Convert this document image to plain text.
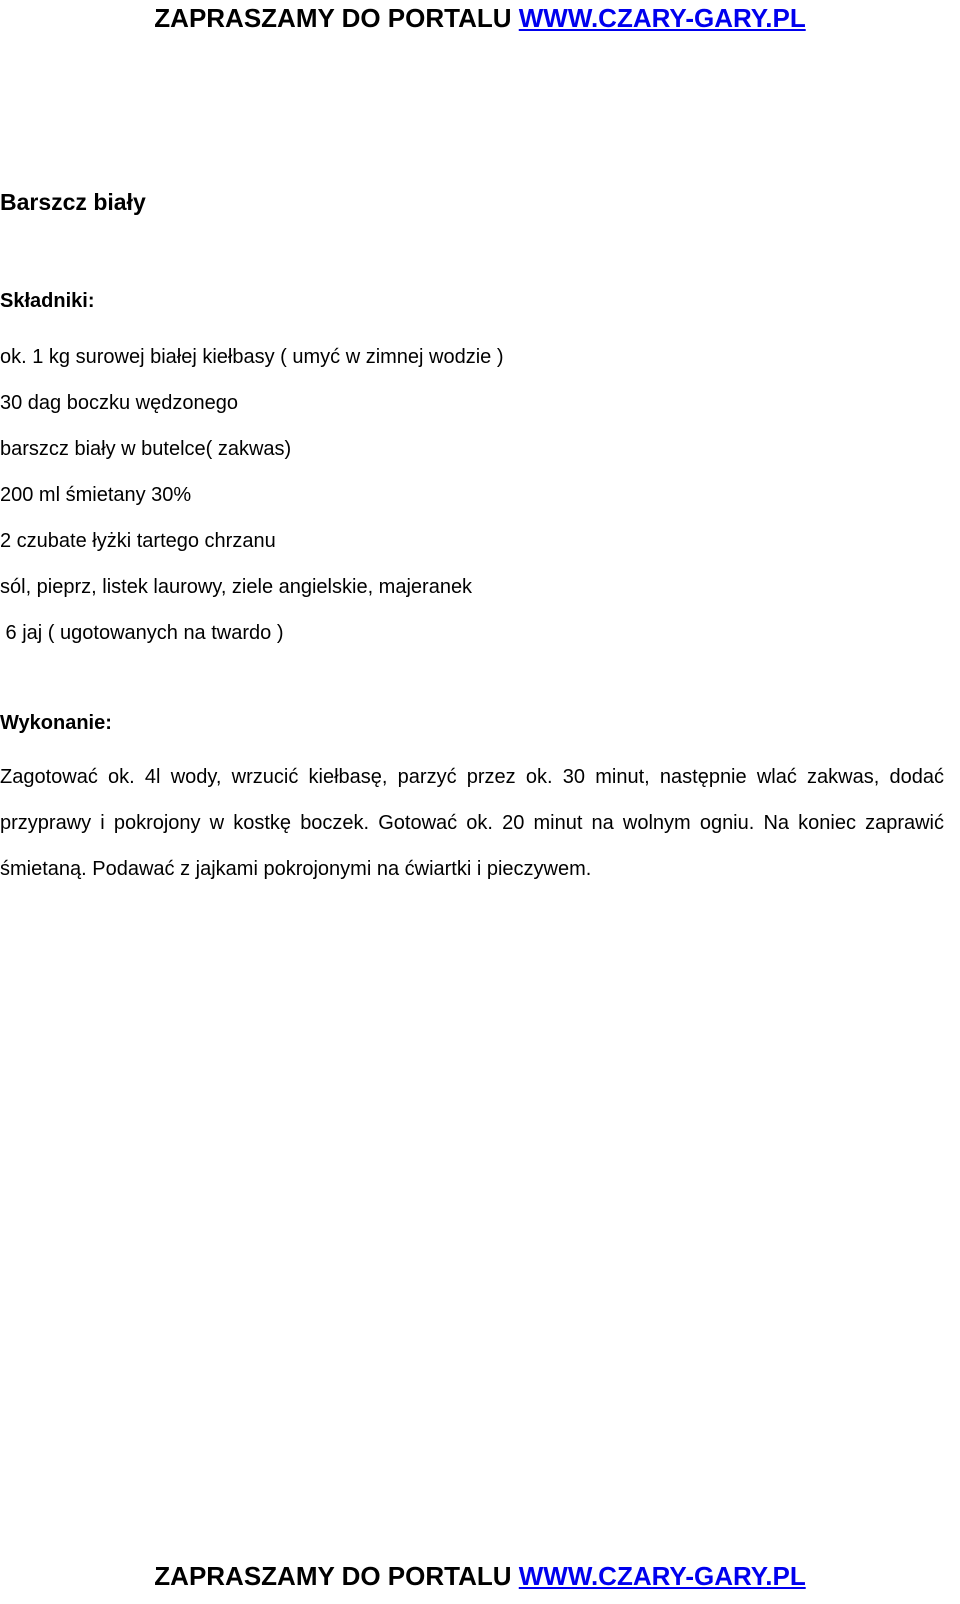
ZAPRASZAMY DO PORTALU WWW.CZARY-GARY.PL
Barszcz biały
Składniki:
ok. 1 kg surowej białej kiełbasy ( umyć w zimnej wodzie )
30 dag boczku wędzonego
barszcz biały w butelce( zakwas)
200 ml śmietany 30%
2 czubate łyżki tartego chrzanu
sól, pieprz, listek laurowy, ziele angielskie, majeranek
6 jaj ( ugotowanych na twardo )
Wykonanie:

Zagotować ok. 4l wody, wrzucić kiełbasę, parzyć przez ok. 30 minut, następnie wlać zakwas, dodać przyprawy i pokrojony w kostkę boczek. Gotować ok. 20 minut na wolnym ogniu. Na koniec zaprawić śmietaną. Podawać z jajkami pokrojonymi na ćwiartki i pieczywem.

ZAPRASZAMY DO PORTALU WWW.CZARY-GARY.PL
